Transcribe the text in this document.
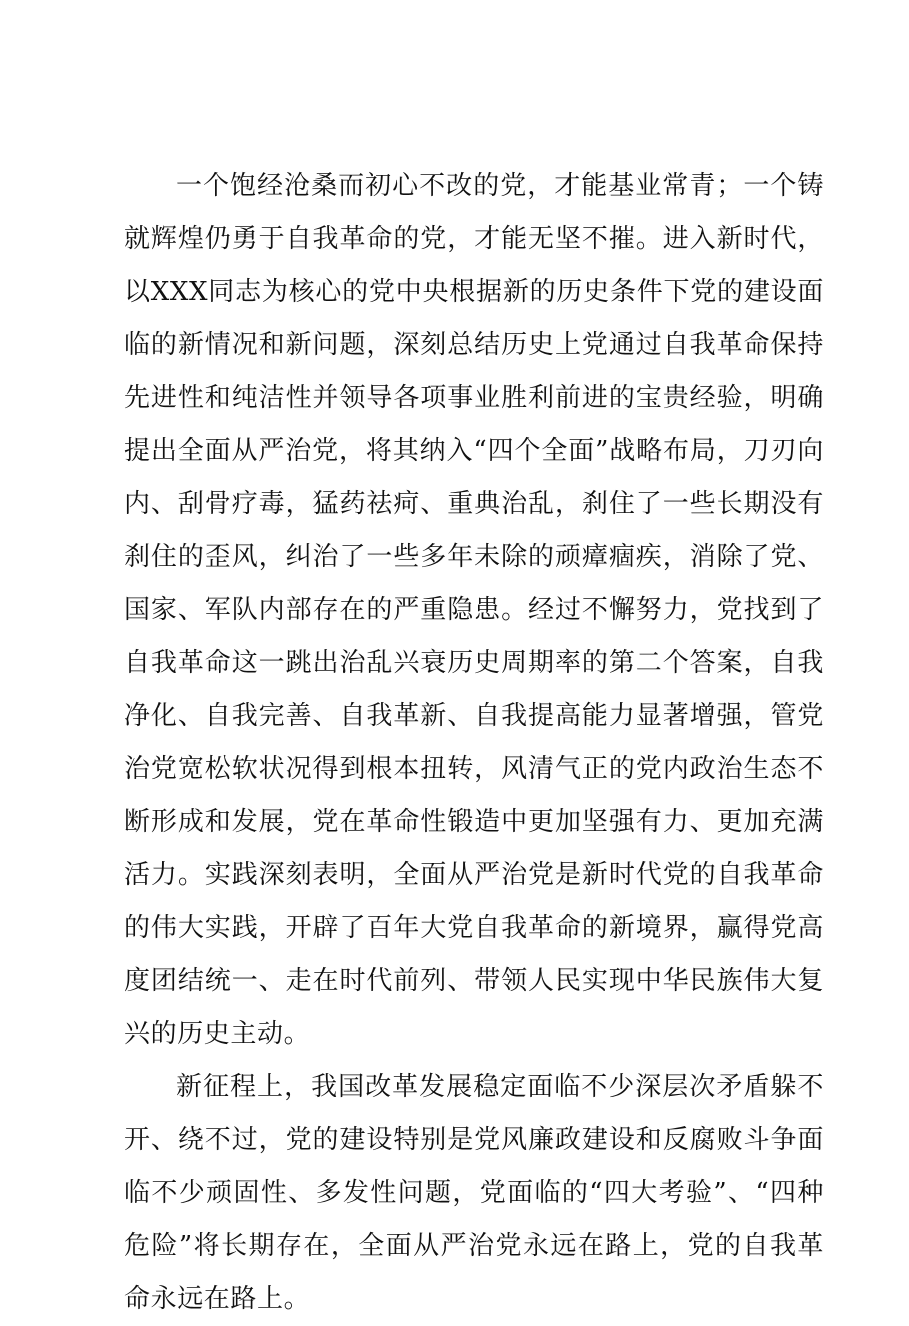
一个饱经沧桑而初心不改的党，才能基业常青；一个铸就辉煌仍勇于自我革命的党，才能无坚不摧。进入新时代，以XXX同志为核心的党中央根据新的历史条件下党的建设面临的新情况和新问题，深刻总结历史上党通过自我革命保持先进性和纯洁性并领导各项事业胜利前进的宝贵经验，明确提出全面从严治党，将其纳入“四个全面”战略布局，刀刃向内、刮骨疗毒，猛药祛疴、重典治乱，刹住了一些长期没有刹住的歪风，纠治了一些多年未除的顽瘴痼疾，消除了党、国家、军队内部存在的严重隐患。经过不懈努力，党找到了自我革命这一跳出治乱兴衰历史周期率的第二个答案，自我净化、自我完善、自我革新、自我提高能力显著增强，管党治党宽松软状况得到根本扭转，风清气正的党内政治生态不断形成和发展，党在革命性锻造中更加坚强有力、更加充满活力。实践深刻表明，全面从严治党是新时代党的自我革命的伟大实践，开辟了百年大党自我革命的新境界，赢得党高度团结统一、走在时代前列、带领人民实现中华民族伟大复兴的历史主动。

新征程上，我国改革发展稳定面临不少深层次矛盾躲不开、绕不过，党的建设特别是党风廉政建设和反腐败斗争面临不少顽固性、多发性问题，党面临的“四大考验”、“四种危险”将长期存在，全面从严治党永远在路上，党的自我革命永远在路上。
